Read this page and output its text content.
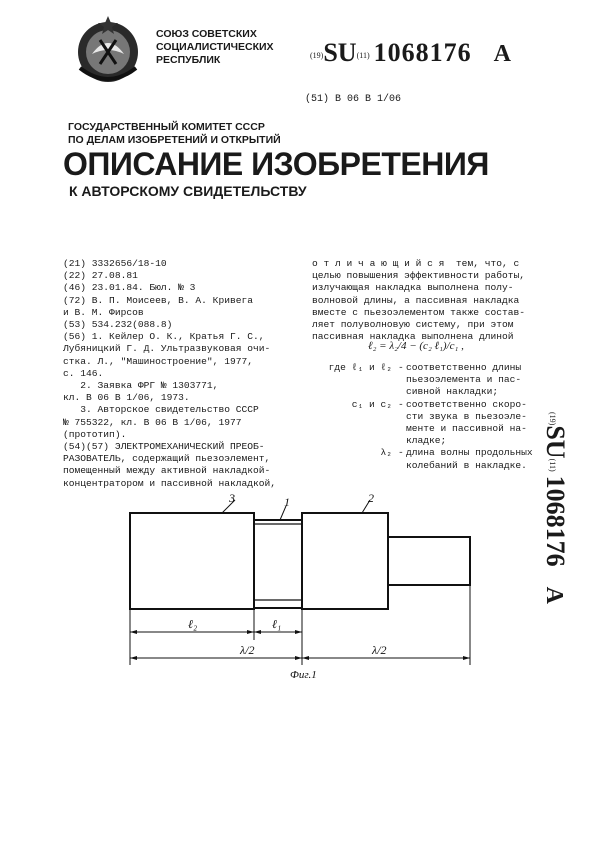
СОЮЗ СОВЕТСКИХ
СОЦИАЛИСТИЧЕСКИХ
РЕСПУБЛИК	(19)SU(11) 1068176 A
(51) В 06 В 1/06
ГОСУДАРСТВЕННЫЙ КОМИТЕТ СССР
ПО ДЕЛАМ ИЗОБРЕТЕНИЙ И ОТКРЫТИЙ
ОПИСАНИЕ ИЗОБРЕТЕНИЯ
К АВТОРСКОМУ СВИДЕТЕЛЬСТВУ
(21) 3332656/18-10
(22) 27.08.81
(46) 23.01.84. Бюл. № 3
(72) В. П. Моисеев, В. А. Кривега
и В. М. Фирсов
(53) 534.232(088.8)
(56) 1. Кейлер О. К., Кратья Г. С.,
Лубяницкий Г. Д. Ультразвуковая очи-
стка. Л., "Машиностроение", 1977,
с. 146.
2. Заявка ФРГ № 1303771,
кл. В 06 В 1/06, 1973.
3. Авторское свидетельство СССР
№ 755322, кл. В 06 В 1/06, 1977
(прототип).
(54)(57) ЭЛЕКТРОМЕХАНИЧЕСКИЙ ПРЕОБ-
РАЗОВАТЕЛЬ, содержащий пьезоэлемент,
помещенный между активной накладкой-
концентратором и пассивной накладкой,
о т л и ч а ю щ и й с я  тем, что, с
целью повышения эффективности работы,
излучающая накладка выполнена полу-
волновой длины, а пассивная накладка
вместе с пьезоэлементом также состав-
ляет полуволновую систему, при этом
пассивная накладка выполнена длиной
ℓ₂ = λ₂/4 − (c₂ ℓ₁)/c₁ ,
где ℓ₁ и ℓ₂ - соответственно длины
пьезоэлемента и пас-
сивной накладки;
c₁ и c₂ - соответственно скоро-
сти звука в пьезоэле-
менте и пассивной на-
кладке;
λ₂ - длина волны продольных
колебаний в накладке.
(19)SU(11) 1068176 A
3	1	2
ℓ₂	ℓ₁
λ/2	λ/2
Фиг.1
